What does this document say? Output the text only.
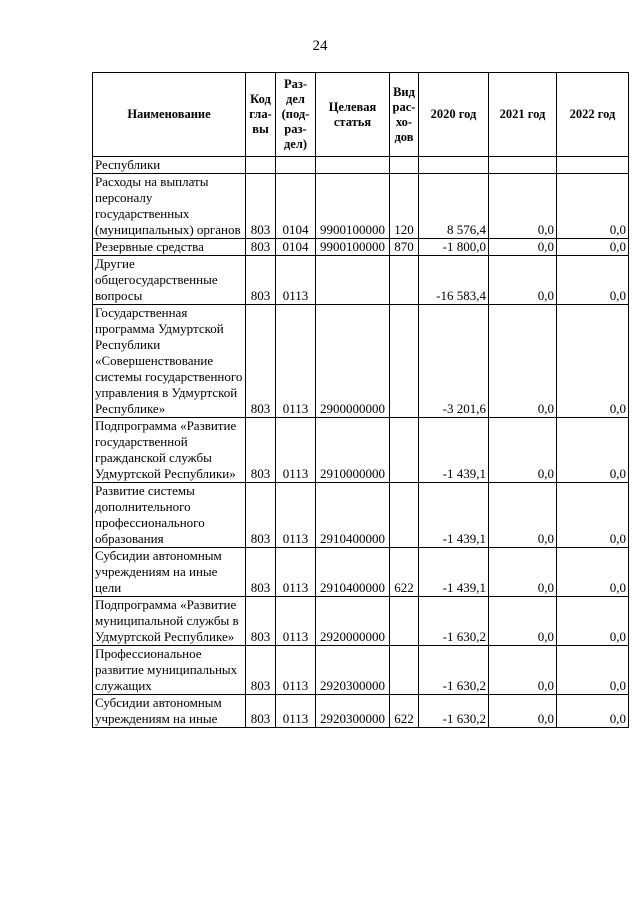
24
Наименование	Код гла- вы	Раз- дел (под- раз- дел)	Целевая статья	Вид рас- хо- дов	2020 год	2021 год	2022 год
Республики							
Расходы на выплаты персоналу государственных (муниципальных) органов	803	0104	9900100000	120	8 576,4	0,0	0,0
Резервные средства	803	0104	9900100000	870	-1 800,0	0,0	0,0
Другие общегосударственные вопросы	803	0113			-16 583,4	0,0	0,0
Государственная программа Удмуртской Республики «Совершенствование системы государственного управления в Удмуртской Республике»	803	0113	2900000000		-3 201,6	0,0	0,0
Подпрограмма «Развитие государственной гражданской службы Удмуртской Республики»	803	0113	2910000000		-1 439,1	0,0	0,0
Развитие системы дополнительного профессионального образования	803	0113	2910400000		-1 439,1	0,0	0,0
Субсидии автономным учреждениям на иные цели	803	0113	2910400000	622	-1 439,1	0,0	0,0
Подпрограмма «Развитие муниципальной службы в Удмуртской Республике»	803	0113	2920000000		-1 630,2	0,0	0,0
Профессиональное развитие муниципальных служащих	803	0113	2920300000		-1 630,2	0,0	0,0
Субсидии автономным учреждениям на иные	803	0113	2920300000	622	-1 630,2	0,0	0,0
